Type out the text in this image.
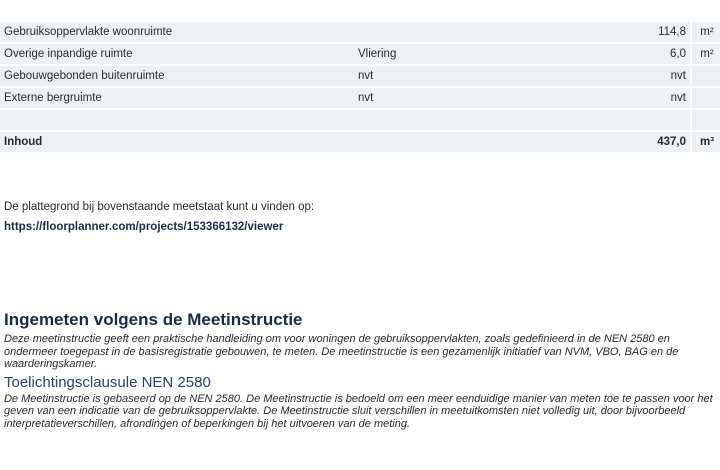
Gebruiksoppervlakte woonruimte		114,8	m²
Overige inpandige ruimte	Vliering	6,0	m²
Gebouwgebonden buitenruimte	nvt	nvt	
Externe bergruimte	nvt	nvt	

Inhoud		437,0	m³
De plattegrond bij bovenstaande meetstaat kunt u vinden op:
https://floorplanner.com/projects/153366132/viewer
Ingemeten volgens de Meetinstructie

Deze meetinstructie geeft een praktische handleiding om voor woningen de gebruiksoppervlakten, zoals gedefinieerd in de NEN 2580 en ondermeer toegepast in de basisregistratie gebouwen, te meten. De meetinstructie is een gezamenlijk initiatief van NVM, VBO, BAG en de waarderingskamer.

Toelichtingsclausule NEN 2580

De Meetinstructie is gebaseerd op de NEN 2580. De Meetinstructie is bedoeld om een meer eenduidige manier van meten toe te passen voor het geven van een indicatie van de gebruiksoppervlakte. De Meetinstructie sluit verschillen in meetuitkomsten niet volledig uit, door bijvoorbeeld interpretatieverschillen, afrondingen of beperkingen bij het uitvoeren van de meting.
